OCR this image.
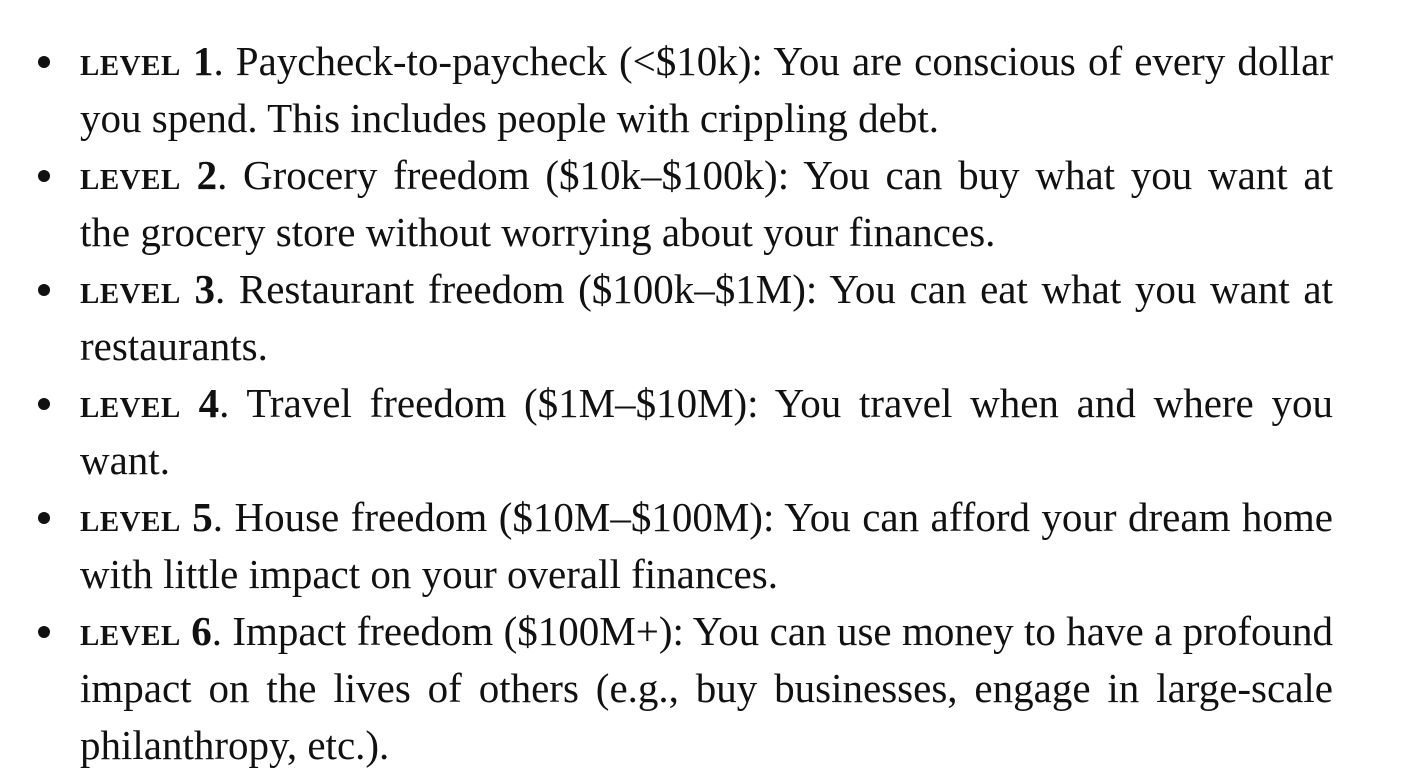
level 1. Paycheck-to-paycheck (<$10k): You are conscious of every dollar you spend. This includes people with crippling debt.
level 2. Grocery freedom ($10k–$100k): You can buy what you want at the grocery store without worrying about your finances.
level 3. Restaurant freedom ($100k–$1M): You can eat what you want at restaurants.
level 4. Travel freedom ($1M–$10M): You travel when and where you want.
level 5. House freedom ($10M–$100M): You can afford your dream home with little impact on your overall finances.
level 6. Impact freedom ($100M+): You can use money to have a profound impact on the lives of others (e.g., buy businesses, engage in large-scale philanthropy, etc.).
